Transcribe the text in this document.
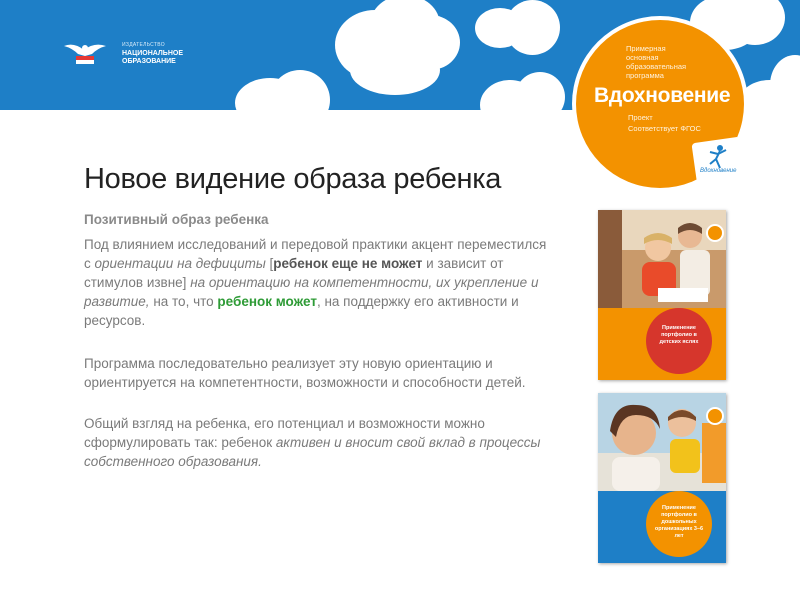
ИЗДАТЕЛЬСТВО
НАЦИОНАЛЬНОЕ
ОБРАЗОВАНИЕ
Примерная
основная
образовательная
программа
Вдохновение
Проект
Соответствует ФГОС
Вдохновение
Новое видение образа ребенка
Позитивный образ ребенка
Под влиянием исследований и передовой практики акцент переместился с ориентации на дефициты [ребенок еще не может и зависит от стимулов извне] на ориентацию на компетентности, их укрепление и развитие, на то, что ребенок может, на поддержку его активности и ресурсов.
Программа последовательно реализует эту новую ориентацию и ориентируется на компетентности, возможности и способности детей.
Общий взгляд на ребенка, его потенциал и возможности можно сформулировать так: ребенок активен и вносит свой вклад в процессы собственного образования.
Применение портфолио в детских яслях
Применение портфолио в дошкольных организациях 3–6 лет
